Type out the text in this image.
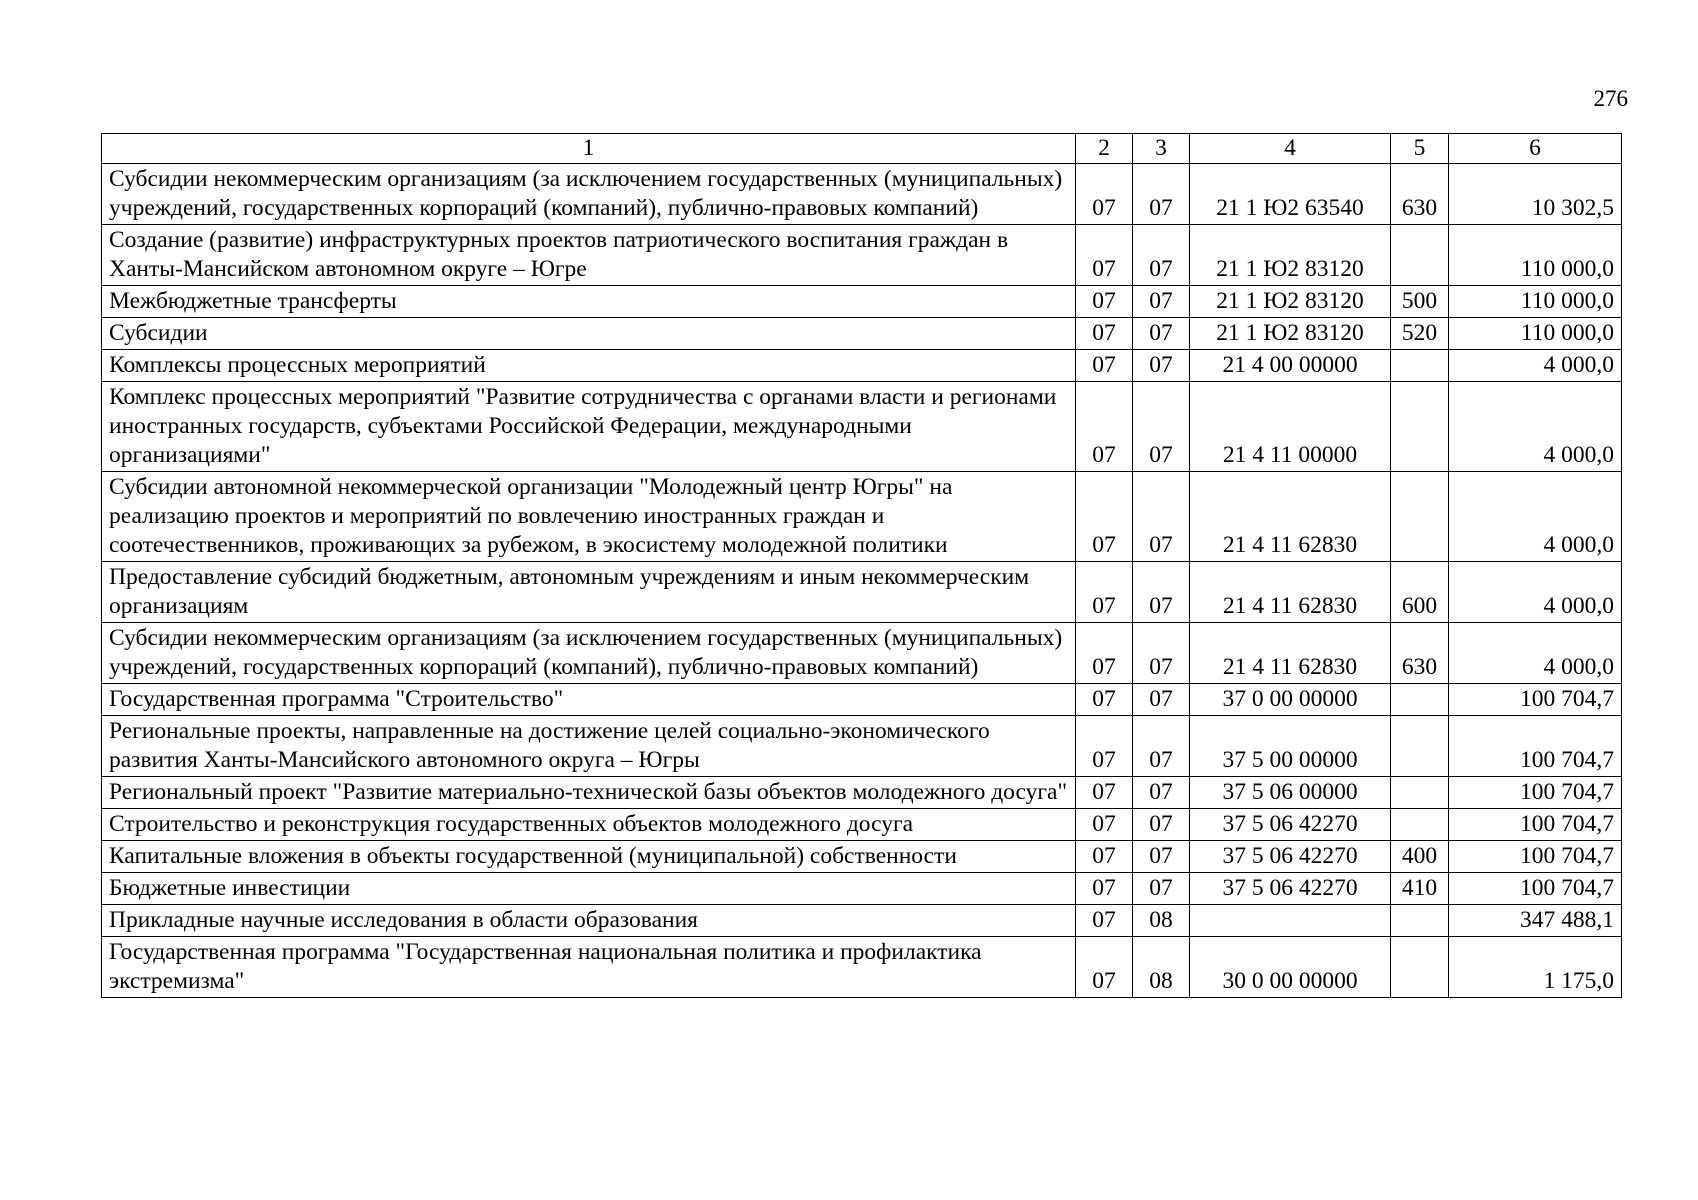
276
1	2	3	4	5	6
Субсидии некоммерческим организациям (за исключением государственных (муниципальных) учреждений, государственных корпораций (компаний), публично-правовых компаний)	07	07	21 1 Ю2 63540	630	10 302,5
Создание (развитие) инфраструктурных проектов патриотического воспитания граждан в Ханты-Мансийском автономном округе – Югре	07	07	21 1 Ю2 83120		110 000,0
Межбюджетные трансферты	07	07	21 1 Ю2 83120	500	110 000,0
Субсидии	07	07	21 1 Ю2 83120	520	110 000,0
Комплексы процессных мероприятий	07	07	21 4 00 00000		4 000,0
Комплекс процессных мероприятий "Развитие сотрудничества с органами власти и регионами иностранных государств, субъектами Российской Федерации, международными организациями"	07	07	21 4 11 00000		4 000,0
Субсидии автономной некоммерческой организации "Молодежный центр Югры" на реализацию проектов и мероприятий по вовлечению иностранных граждан и соотечественников, проживающих за рубежом, в экосистему молодежной политики	07	07	21 4 11 62830		4 000,0
Предоставление субсидий бюджетным, автономным учреждениям и иным некоммерческим организациям	07	07	21 4 11 62830	600	4 000,0
Субсидии некоммерческим организациям (за исключением государственных (муниципальных) учреждений, государственных корпораций (компаний), публично-правовых компаний)	07	07	21 4 11 62830	630	4 000,0
Государственная программа "Строительство"	07	07	37 0 00 00000		100 704,7
Региональные проекты, направленные на достижение целей социально-экономического развития Ханты-Мансийского автономного округа – Югры	07	07	37 5 00 00000		100 704,7
Региональный проект "Развитие материально-технической базы объектов молодежного досуга"	07	07	37 5 06 00000		100 704,7
Строительство и реконструкция государственных объектов молодежного досуга	07	07	37 5 06 42270		100 704,7
Капитальные вложения в объекты государственной (муниципальной) собственности	07	07	37 5 06 42270	400	100 704,7
Бюджетные инвестиции	07	07	37 5 06 42270	410	100 704,7
Прикладные научные исследования в области образования	07	08			347 488,1
Государственная программа "Государственная национальная политика и профилактика экстремизма"	07	08	30 0 00 00000		1 175,0
